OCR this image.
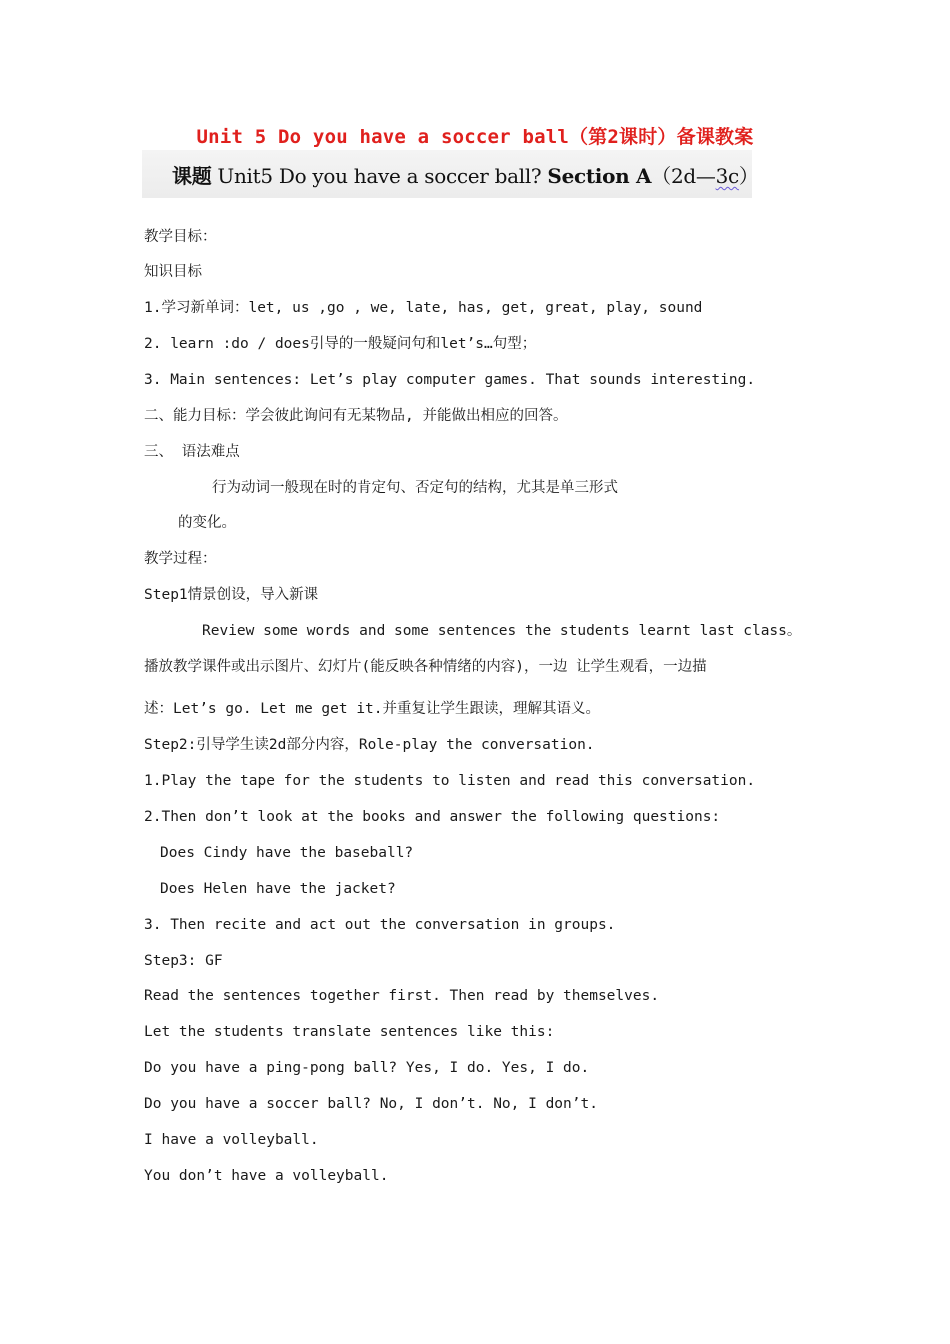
Unit 5 Do you have a soccer ball（第2课时）备课教案
课题 Unit5 Do you have a soccer ball? Section A（2d—3c）
教学目标：
知识目标
1.学习新单词：let, us ,go , we, late, has, get, great, play, sound
2. learn :do / does引导的一般疑问句和let’s…句型；
3. Main sentences: Let’s play computer games. That sounds interesting.
二、能力目标：学会彼此询问有无某物品, 并能做出相应的回答。
三、 语法难点
行为动词一般现在时的肯定句、否定句的结构，尤其是单三形式
的变化。
教学过程：
Step1情景创设，导入新课
Review some words and some sentences the students learnt last class。
播放教学课件或出示图片、幻灯片(能反映各种情绪的内容)，一边 让学生观看，一边描
述：Let’s go. Let me get it.并重复让学生跟读，理解其语义。
Step2:引导学生读2d部分内容，Role-play the conversation.
1.Play the tape for the students to listen and read this conversation.
2.Then don’t look at the books and answer the following questions:
Does Cindy have the baseball?
Does Helen have the jacket?
3. Then recite and act out the conversation in groups.
Step3: GF
Read the sentences together first. Then read by themselves.
Let the students translate sentences like this:
Do you have a ping-pong ball? Yes, I do. Yes, I do.
Do you have a soccer ball? No, I don’t. No, I don’t.
I have a volleyball.
You don’t have a volleyball.
